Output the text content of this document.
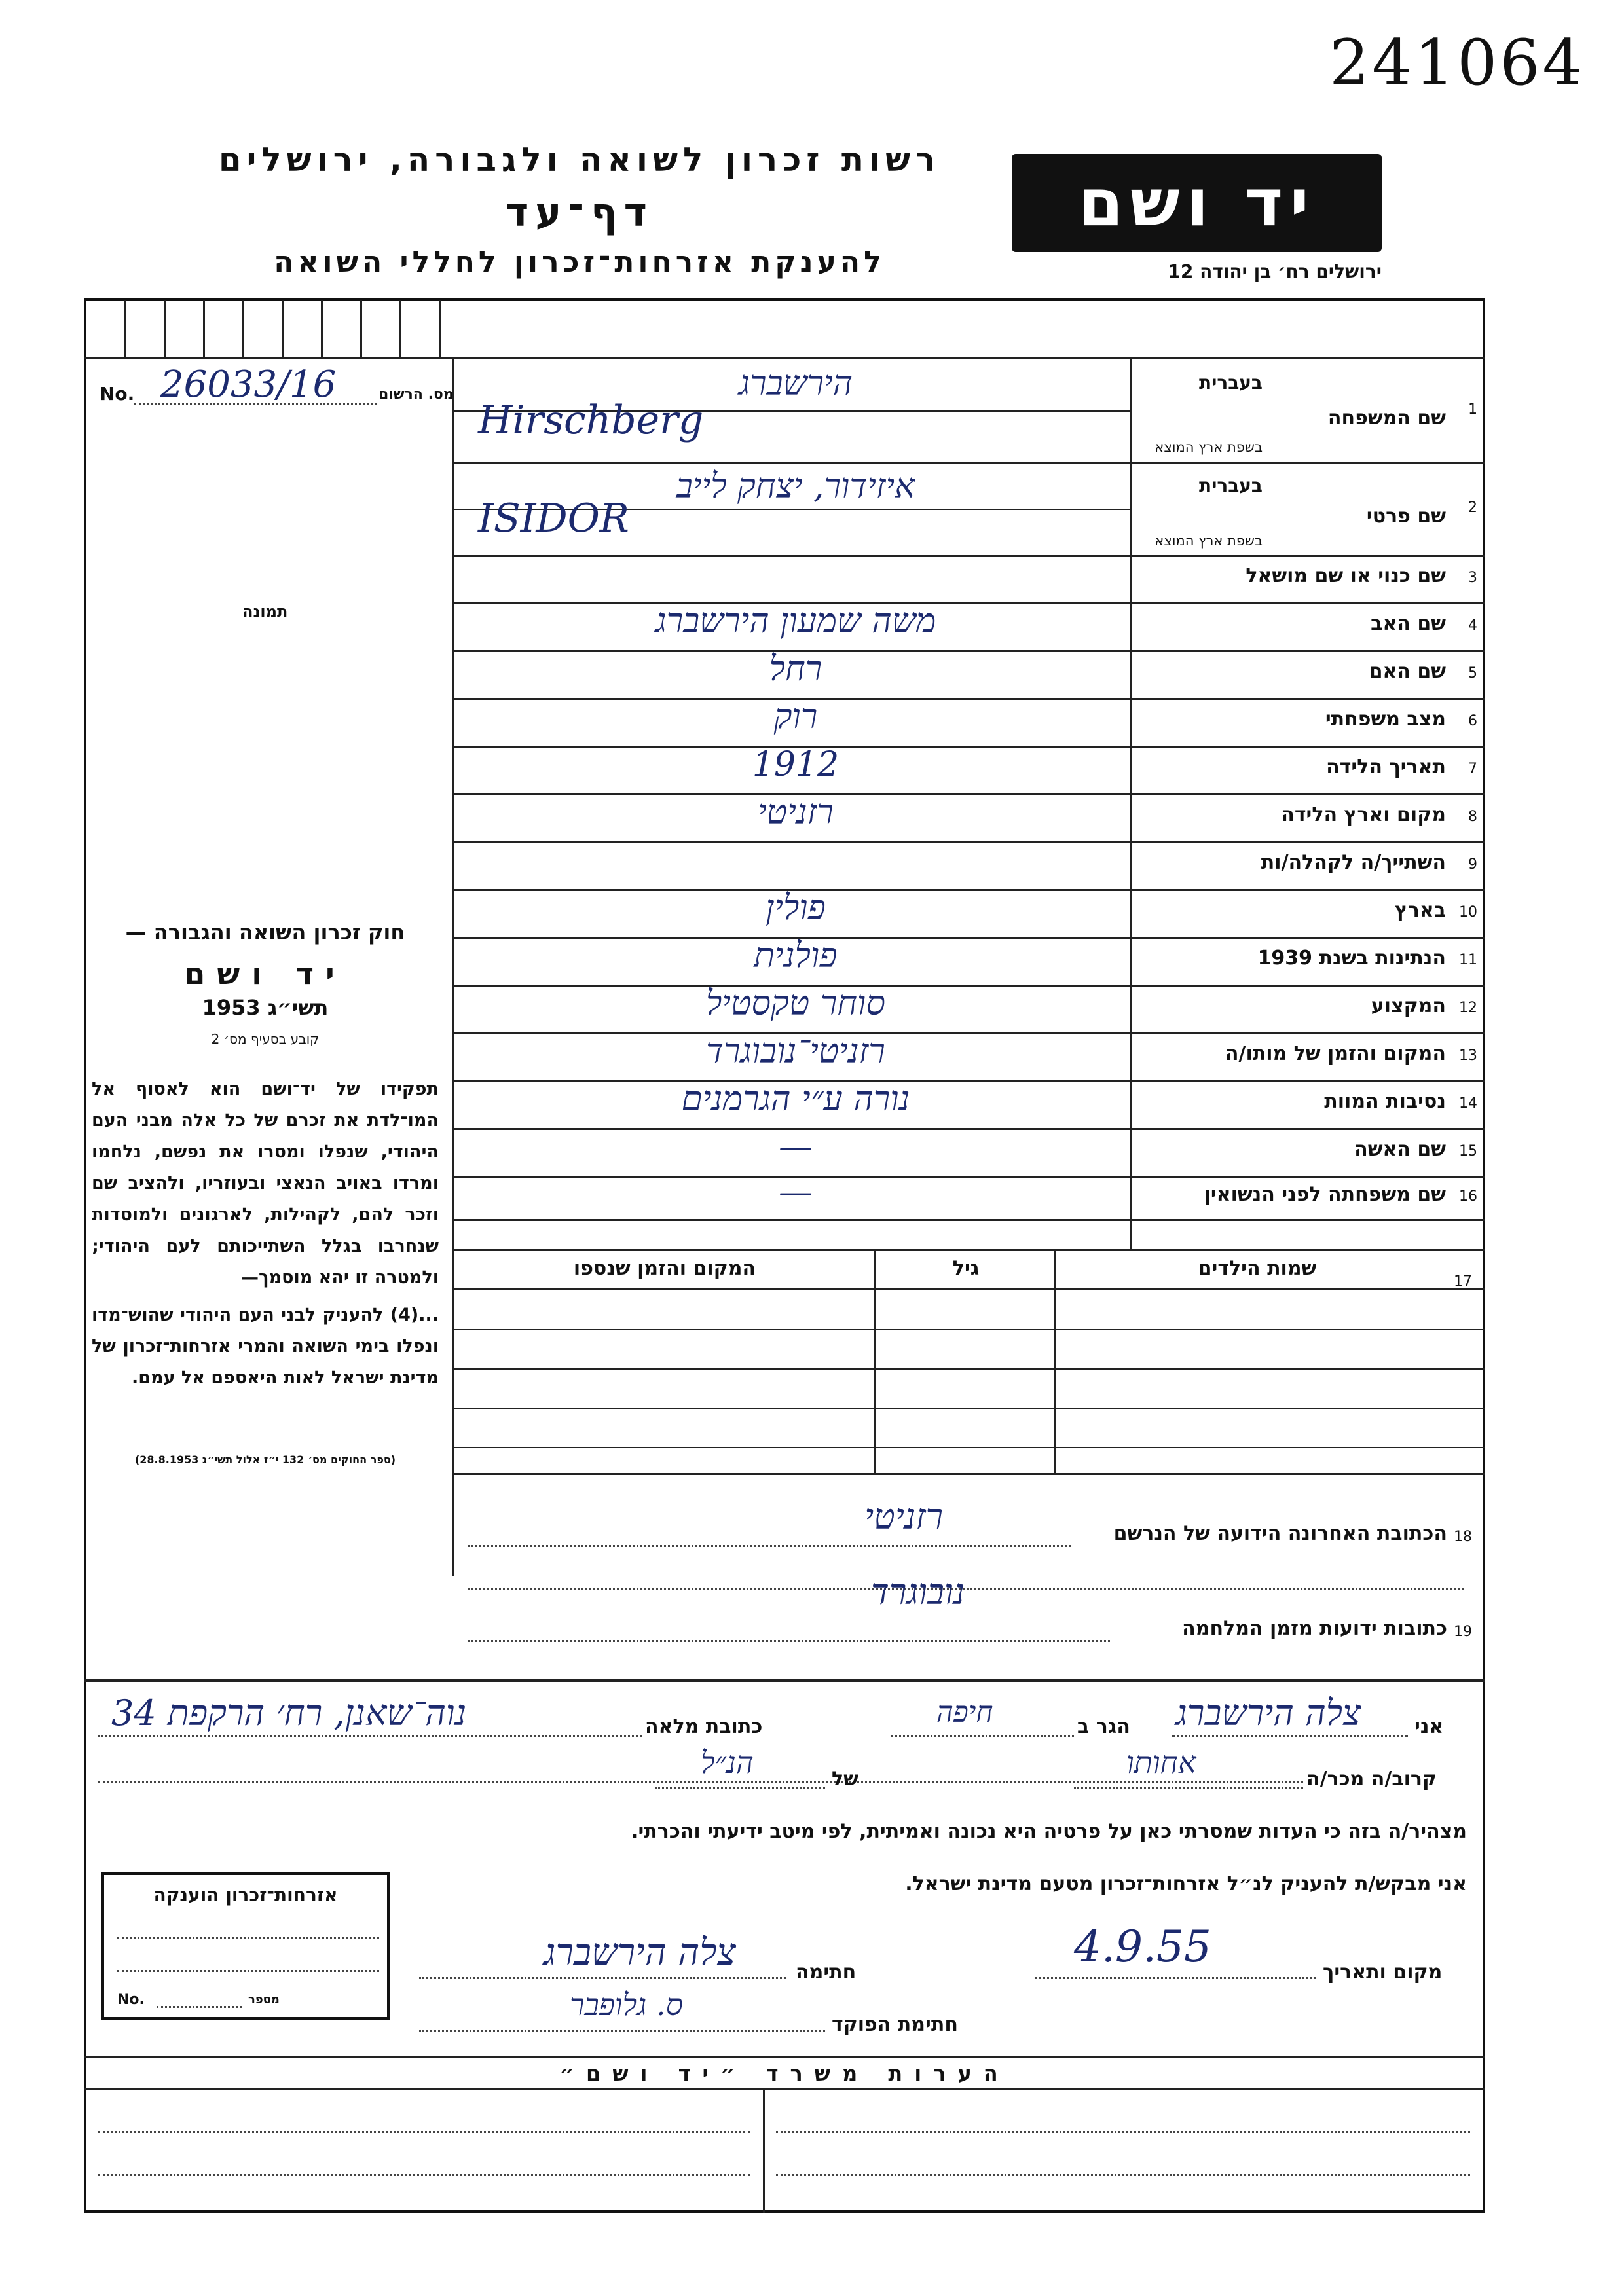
241064
רשות זכרון לשואה ולגבורה, ירושלים
דף־עד
להענקת אזרחות־זכרון לחללי השואה
יד ושם
ירושלים רח׳ בן יהודה 12
No. 26033/16	מס. הרשום
תמונה
חוק זכרון השואה והגבורה —
יד ושם
תשי״ג 1953
קובע בסעיף מס׳ 2
תפקידו של יד־ושם הוא לאסוף אל המו־לדת את זכרם של כל אלה מבני העם היהודי, שנפלו ומסרו את נפשם, נלחמו ומרדו באויב הנאצי ובעוזריו, ולהציב שם וזכר להם, לקהילות, לארגונים ולמוסדות שנחרבו בגלל השתייכותם לעם היהודי; ולמטרה זו יהא מוסמך—
...(4) להעניק לבני העם היהודי שהוש־מדו ונפלו בימי השואה והמרי אזרחות־זכרון של מדינת ישראל לאות היאספם אל עמם.
(ספר החוקים מס׳ 132 י״ז אלול תשי״ג 28.8.1953)
1
שם המשפחה
בעברית
בשפת ארץ המוצא
הירשברג
Hirschberg
2
שם פרטי
בעברית
בשפת ארץ המוצא
איזידור, יצחק לייב
ISIDOR
3
שם כנוי או שם מושאל
4
שם האב
משה שמעון הירשברג
5
שם האם
רחל
6
מצב משפחתי
רוק
7
תאריך הלידה
1912
8
מקום וארץ הלידה
רזניטי
9
השתייך/ה לקהלה/ות
10
בארץ
פולין
11
הנתינות בשנת 1939
פולנית
12
המקצוע
סוחר טקסטיל
13
המקום והזמן של מותו/ה
רזניטי־נובוגרד
14
נסיבות המוות
נורה ע״י הגרמנים
15
שם האשה
—
16
שם משפחתה לפני הנשואין
—
17
שמות הילדים
גיל
המקום והזמן שנספו
18
הכתובת האחרונה הידועה של הנרשם
רזניטי
19
כתובות ידועות מזמן המלחמה
נובוגרד
אני
צלה הירשברג
הגר ב
חיפה
כתובת מלאה
נוה־שאנן, רח׳ הרקפת 34
קרוב/ה מכר/ה
אחותו
של
הנ״ל
מצהיר/ה בזה כי העדות שמסרתי כאן על פרטיה היא נכונה ואמיתית, לפי מיטב ידיעתי והכרתי.
אני מבקש/ת להעניק לנ״ל אזרחות־זכרון מטעם מדינת ישראל.
אזרחות־זכרון הוענקה
No.	מספר
מקום ותאריך
4.9.55
חתימה
צלה הירשברג
חתימת הפוקד
ס. גלופבר
הערות משרד ״יד ושם״
